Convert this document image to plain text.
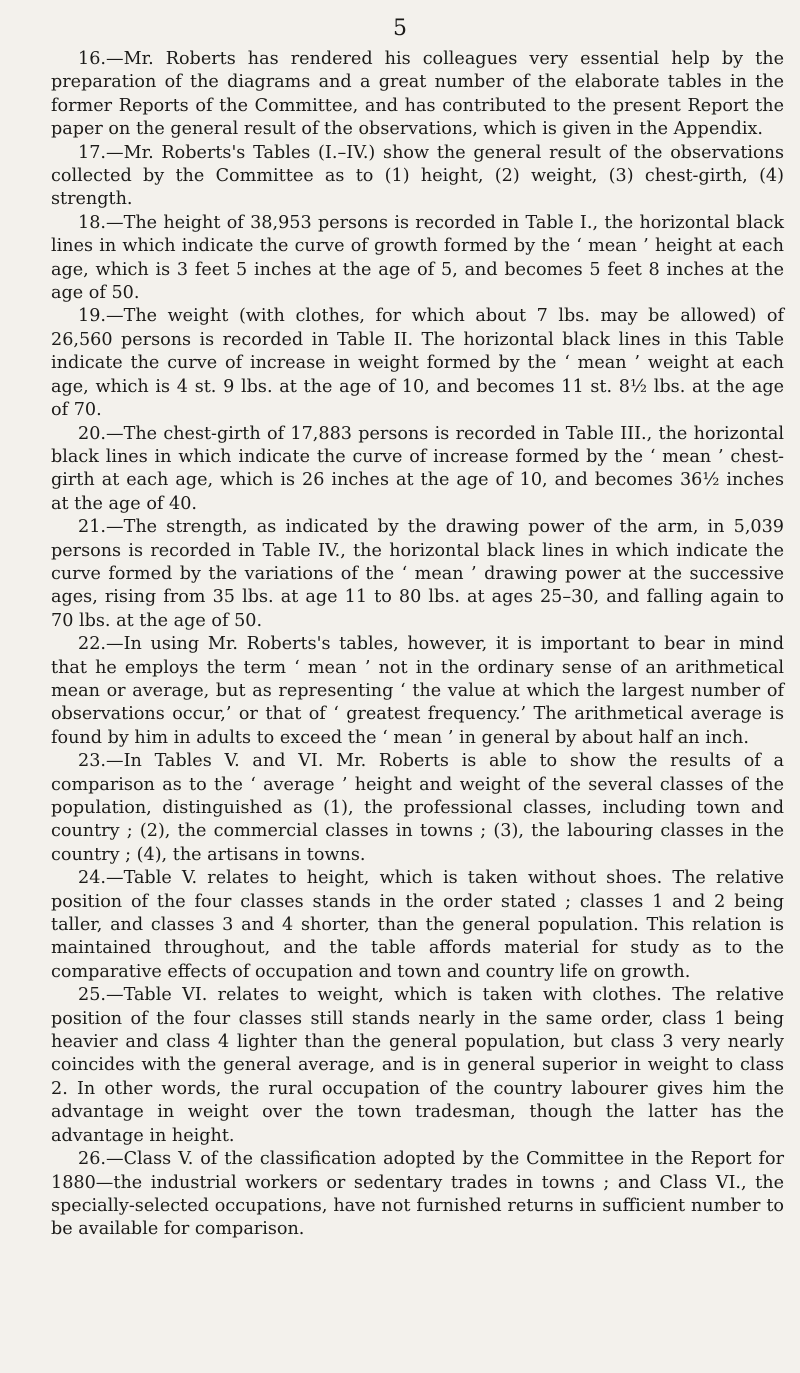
5

16.—Mr. Roberts has rendered his colleagues very essential help by the preparation of the diagrams and a great number of the elaborate tables in the former Reports of the Committee, and has contributed to the present Report the paper on the general result of the observations, which is given in the Appendix.

17.—Mr. Roberts's Tables (I.–IV.) show the general result of the observations collected by the Committee as to (1) height, (2) weight, (3) chest-girth, (4) strength.

18.—The height of 38,953 persons is recorded in Table I., the horizontal black lines in which indicate the curve of growth formed by the ‘ mean ’ height at each age, which is 3 feet 5 inches at the age of 5, and becomes 5 feet 8 inches at the age of 50.

19.—The weight (with clothes, for which about 7 lbs. may be allowed) of 26,560 persons is recorded in Table II. The horizontal black lines in this Table indicate the curve of increase in weight formed by the ‘ mean ’ weight at each age, which is 4 st. 9 lbs. at the age of 10, and becomes 11 st. 8½ lbs. at the age of 70.

20.—The chest-girth of 17,883 persons is recorded in Table III., the horizontal black lines in which indicate the curve of increase formed by the ‘ mean ’ chest-girth at each age, which is 26 inches at the age of 10, and becomes 36½ inches at the age of 40.

21.—The strength, as indicated by the drawing power of the arm, in 5,039 persons is recorded in Table IV., the horizontal black lines in which indicate the curve formed by the variations of the ‘ mean ’ drawing power at the successive ages, rising from 35 lbs. at age 11 to 80 lbs. at ages 25–30, and falling again to 70 lbs. at the age of 50.

22.—In using Mr. Roberts's tables, however, it is important to bear in mind that he employs the term ‘ mean ’ not in the ordinary sense of an arithmetical mean or average, but as representing ‘ the value at which the largest number of observations occur,’ or that of ‘ greatest frequency.’ The arithmetical average is found by him in adults to exceed the ‘ mean ’ in general by about half an inch.

23.—In Tables V. and VI. Mr. Roberts is able to show the results of a comparison as to the ‘ average ’ height and weight of the several classes of the population, distinguished as (1), the professional classes, including town and country ; (2), the commercial classes in towns ; (3), the labouring classes in the country ; (4), the artisans in towns.

24.—Table V. relates to height, which is taken without shoes. The relative position of the four classes stands in the order stated ; classes 1 and 2 being taller, and classes 3 and 4 shorter, than the general population. This relation is maintained throughout, and the table affords material for study as to the comparative effects of occupation and town and country life on growth.

25.—Table VI. relates to weight, which is taken with clothes. The relative position of the four classes still stands nearly in the same order, class 1 being heavier and class 4 lighter than the general population, but class 3 very nearly coincides with the general average, and is in general superior in weight to class 2. In other words, the rural occupation of the country labourer gives him the advantage in weight over the town tradesman, though the latter has the advantage in height.

26.—Class V. of the classification adopted by the Committee in the Report for 1880—the industrial workers or sedentary trades in towns ; and Class VI., the specially-selected occupations, have not furnished returns in sufficient number to be available for comparison.
